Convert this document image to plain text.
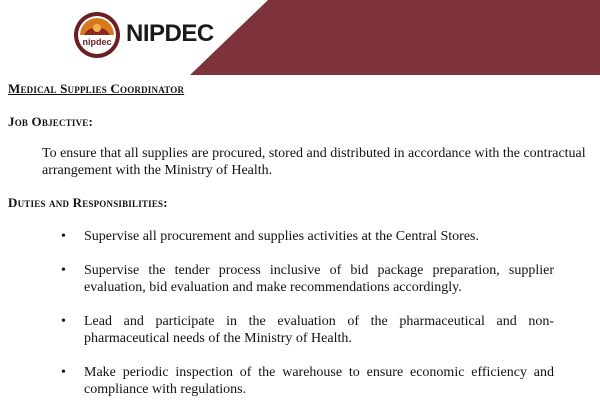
nipdec NIPDEC
Medical Supplies Coordinator
Job Objective:

To ensure that all supplies are procured, stored and distributed in accordance with the contractual arrangement with the Ministry of Health.

Duties and Responsibilities:
• Supervise all procurement and supplies activities at the Central Stores.

• Supervise the tender process inclusive of bid package preparation, supplier evaluation, bid evaluation and make recommendations accordingly.

• Lead and participate in the evaluation of the pharmaceutical and non-pharmaceutical needs of the Ministry of Health.

• Make periodic inspection of the warehouse to ensure economic efficiency and compliance with regulations.
